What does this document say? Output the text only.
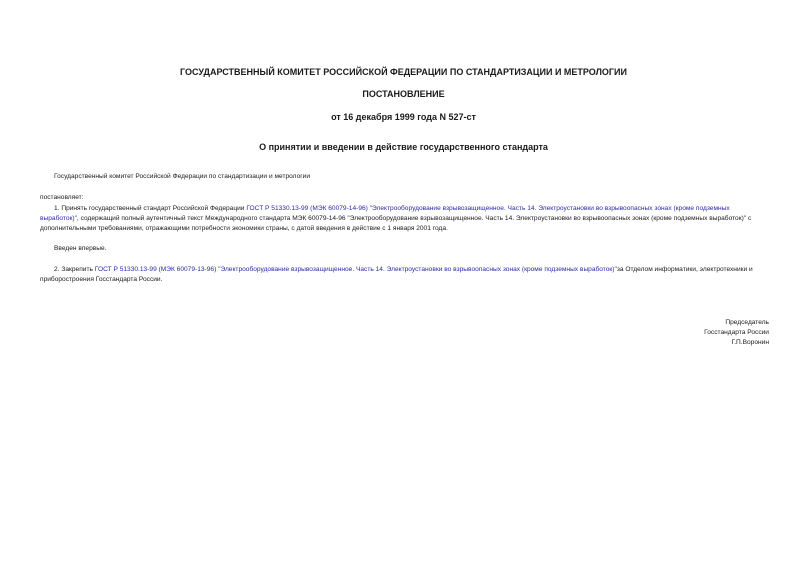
ГОСУДАРСТВЕННЫЙ КОМИТЕТ РОССИЙСКОЙ ФЕДЕРАЦИИ ПО СТАНДАРТИЗАЦИИ И МЕТРОЛОГИИ
ПОСТАНОВЛЕНИЕ
от 16 декабря 1999 года N 527-ст
О принятии и введении в действие государственного стандарта
Государственный комитет Российской Федерации по стандартизации и метрологии
постановляет:
1. Принять государственный стандарт Российской Федерации ГОСТ Р 51330.13-99 (МЭК 60079-14-96) "Электрооборудование взрывозащищенное. Часть 14. Электроустановки во взрывоопасных зонах (кроме подземных выработок)", содержащий полный аутентичный текст Международного стандарта МЭК 60079-14-96 "Электрооборудование взрывозащищенное. Часть 14. Электроустановки во взрывоопасных зонах (кроме подземных выработок)" с дополнительными требованиями, отражающими потребности экономики страны, с датой введения в действие с 1 января 2001 года.
Введен впервые.
2. Закрепить ГОСТ Р 51330.13-99 (МЭК 60079-13-96) "Электрооборудование взрывозащищенное. Часть 14. Электроустановки во взрывоопасных зонах (кроме подземных выработок)"за Отделом информатики, электротехники и приборостроения Госстандарта России.
Председатель
Госстандарта России
Г.П.Воронин
